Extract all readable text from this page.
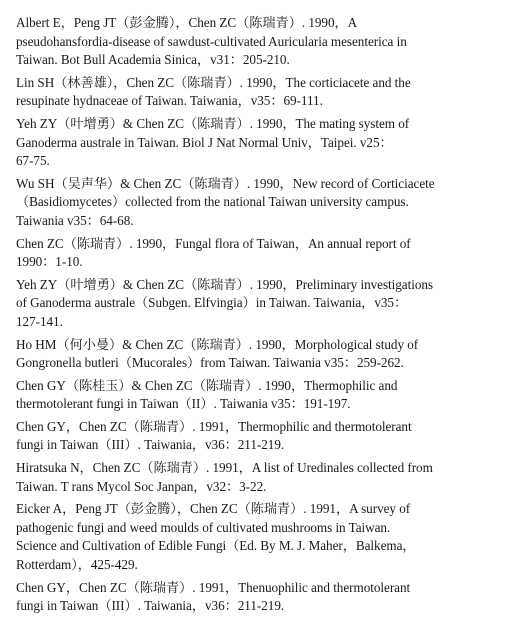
Albert E，Peng JT（彭金腾），Chen ZC（陈瑞青）. 1990，A
pseudohansfordia-disease of sawdust-cultivated Auricularia mesenterica in
Taiwan. Bot Bull Academia Sinica，v31：205-210.
Lin SH（林善雄），Chen ZC（陈瑞青）. 1990，The corticiacete and the
resupinate hydnaceae of Taiwan. Taiwania，v35：69-111.
Yeh ZY（叶增勇）& Chen ZC（陈瑞青）. 1990，The mating system of
Ganoderma australe in Taiwan. Biol J Nat Normal Univ，Taipei. v25：
67-75.
Wu SH（吴声华）& Chen ZC（陈瑞青）. 1990，New record of Corticiacete
（Basidiomycetes）collected from the national Taiwan university campus.
Taiwania v35：64-68.
Chen ZC（陈瑞青）. 1990，Fungal flora of Taiwan，An annual report of
1990：1-10.
Yeh ZY（叶增勇）& Chen ZC（陈瑞青）. 1990，Preliminary investigations
of Ganoderma australe（Subgen. Elfvingia）in Taiwan. Taiwania，v35：
127-141.
Ho HM（何小曼）& Chen ZC（陈瑞青）. 1990，Morphological study of
Gongronella butleri（Mucorales）from Taiwan. Taiwania v35：259-262.
Chen GY（陈桂玉）& Chen ZC（陈瑞青）. 1990，Thermophilic and
thermotolerant fungi in Taiwan（II）. Taiwania v35：191-197.
Chen GY，Chen ZC（陈瑞青）. 1991，Thermophilic and thermotolerant
fungi in Taiwan（III）. Taiwania，v36：211-219.
Hiratsuka N，Chen ZC（陈瑞青）. 1991，A list of Uredinales collected from
Taiwan. T rans Mycol Soc Janpan，v32：3-22.
Eicker A，Peng JT（彭金腾），Chen ZC（陈瑞青）. 1991，A survey of
pathogenic fungi and weed moulds of cultivated mushrooms in Taiwan.
Science and Cultivation of Edible Fungi（Ed. By M. J. Maher，Balkema，
Rotterdam），425-429.
Chen GY，Chen ZC（陈瑞青）. 1991，Thenuophilic and thermotolerant
fungi in Taiwan（III）. Taiwania，v36：211-219.
